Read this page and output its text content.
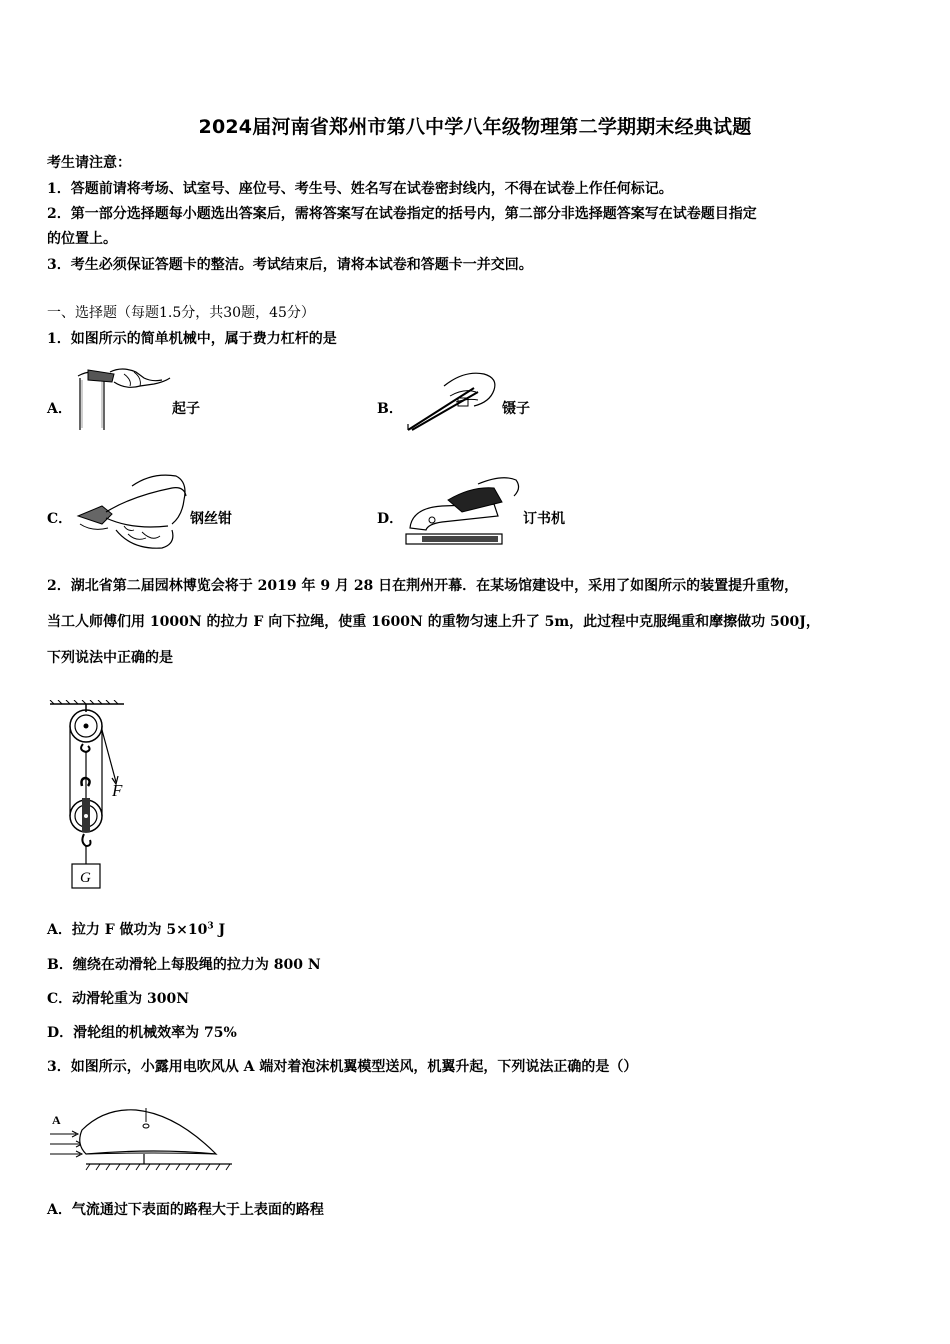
2024届河南省郑州市第八中学八年级物理第二学期期末经典试题
考生请注意：
1．答题前请将考场、试室号、座位号、考生号、姓名写在试卷密封线内，不得在试卷上作任何标记。
2．第一部分选择题每小题选出答案后，需将答案写在试卷指定的括号内，第二部分非选择题答案写在试卷题目指定
的位置上。
3．考生必须保证答题卡的整洁。考试结束后，请将本试卷和答题卡一并交回。
一、选择题（每题1.5分，共30题，45分）
1．如图所示的简单机械中，属于费力杠杆的是
A．	起子	B．	镊子
C．	钢丝钳	D．	订书机
2．湖北省第二届园林博览会将于 2019 年 9 月 28 日在荆州开幕．在某场馆建设中，采用了如图所示的装置提升重物，
当工人师傅们用 1000N 的拉力 F 向下拉绳，使重 1600N 的重物匀速上升了 5m，此过程中克服绳重和摩擦做功 500J，
下列说法中正确的是
F
G
A．拉力 F 做功为 $5\times 10^3$ J
B．缠绕在动滑轮上每股绳的拉力为 800 N
C．动滑轮重为 300N
D．滑轮组的机械效率为 75%
3．如图所示，小露用电吹风从 A 端对着泡沫机翼模型送风，机翼升起，下列说法正确的是（）
A
A．气流通过下表面的路程大于上表面的路程
